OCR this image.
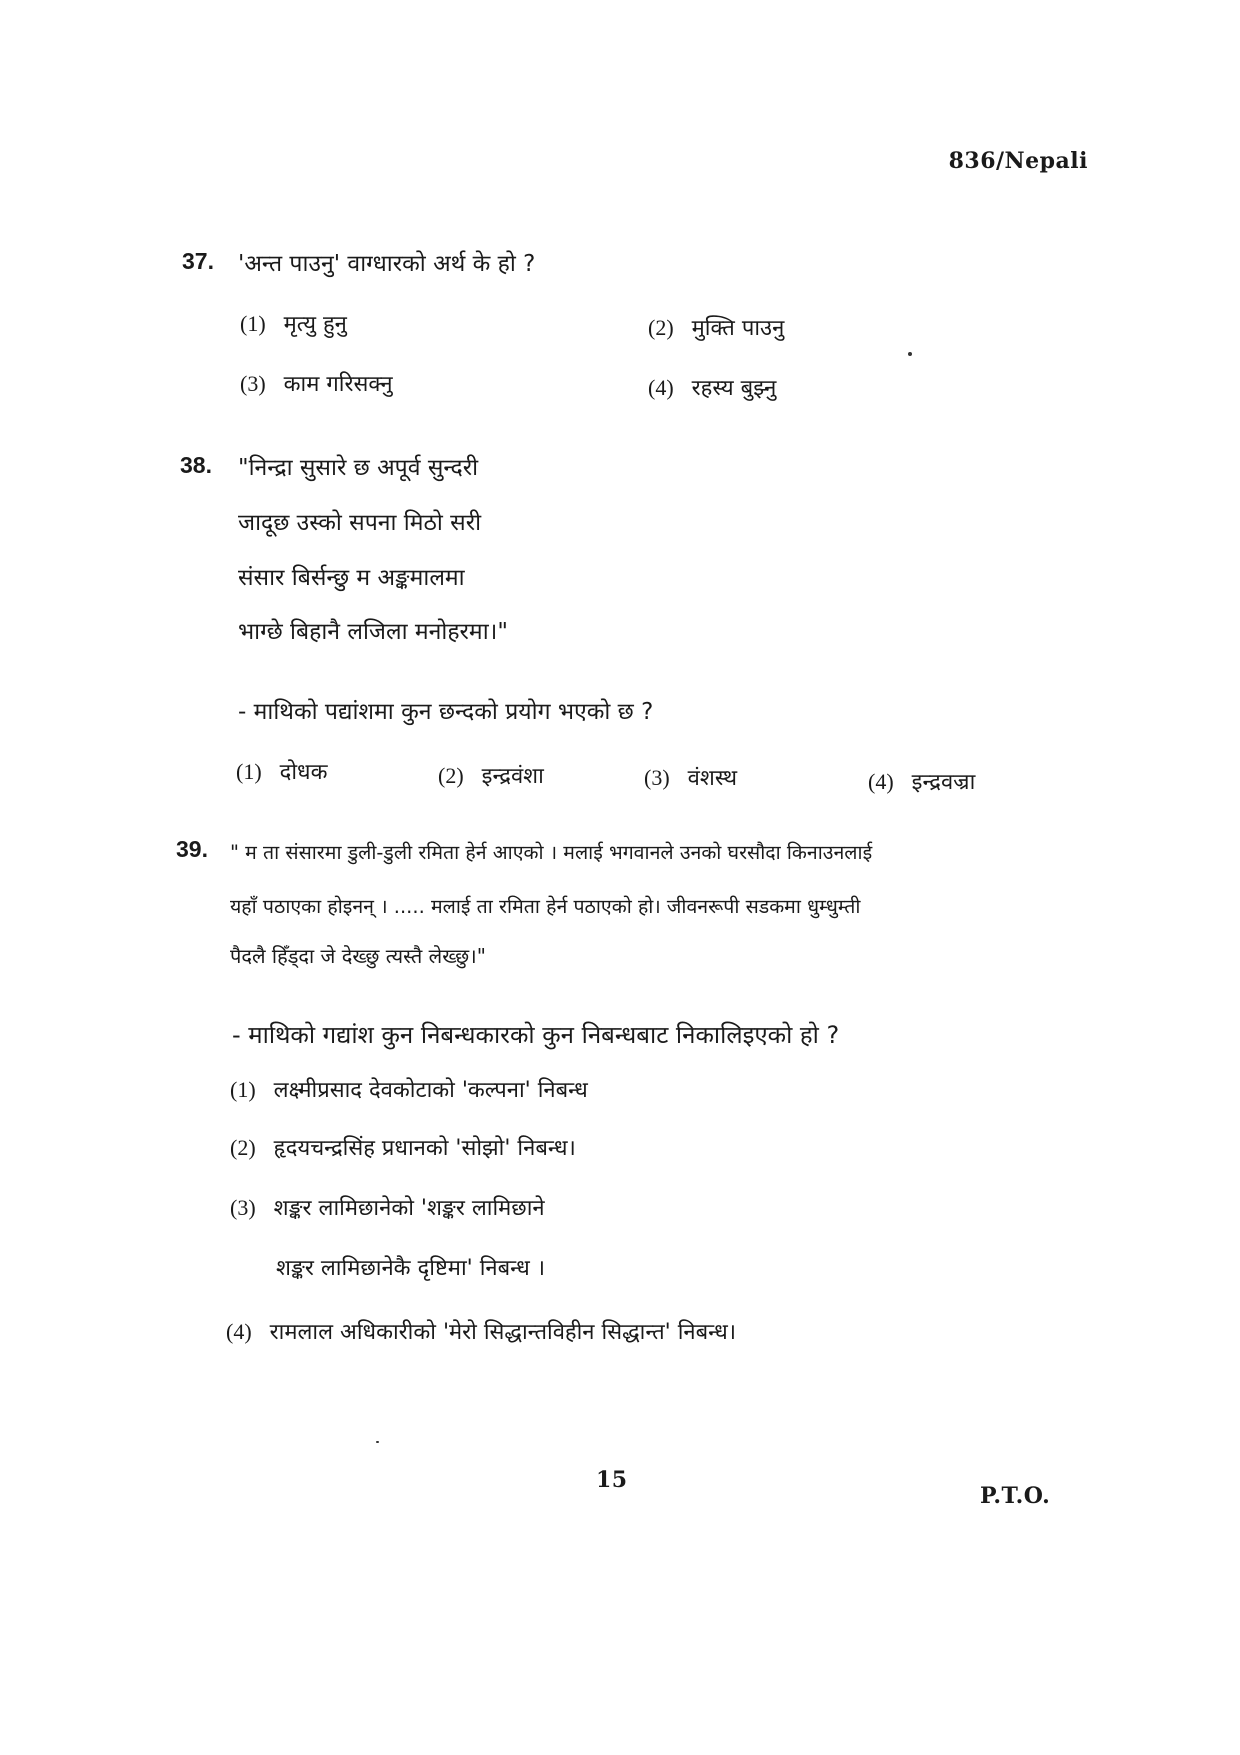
836/Nepali
37. 'अन्त पाउनु' वाग्धारको अर्थ के हो ?
(1) मृत्यु हुनु	(2) मुक्ति पाउनु
(3) काम गरिसक्नु	(4) रहस्य बुझ्नु
38. "निन्द्रा सुसारे छ अपूर्व सुन्दरी
जादूछ उस्को सपना मिठो सरी
संसार बिर्सन्छु म अङ्कमालमा
भाग्छे बिहानै लजिला मनोहरमा।"
- माथिको पद्यांशमा कुन छन्दको प्रयोग भएको छ ?
(1) दोधक	(2) इन्द्रवंशा	(3) वंशस्थ	(4) इन्द्रवज्रा
39. " म ता संसारमा डुली-डुली रमिता हेर्न आएको । मलाई भगवानले उनको घरसौदा किनाउनलाई
यहाँ पठाएका होइनन् । ..... मलाई ता रमिता हेर्न पठाएको हो। जीवनरूपी सडकमा धुम्धुम्ती
पैदलै हिँड्दा जे देख्छु त्यस्तै लेख्छु।"
- माथिको गद्यांश कुन निबन्धकारको कुन निबन्धबाट निकालिइएको हो ?
(1) लक्ष्मीप्रसाद देवकोटाको 'कल्पना' निबन्ध
(2) हृदयचन्द्रसिंह प्रधानको 'सोझो' निबन्ध।
(3) शङ्कर लामिछानेको 'शङ्कर लामिछाने
शङ्कर लामिछानेकै दृष्टिमा' निबन्ध ।
(4) रामलाल अधिकारीको 'मेरो सिद्धान्तविहीन सिद्धान्त' निबन्ध।
15
P.T.O.
